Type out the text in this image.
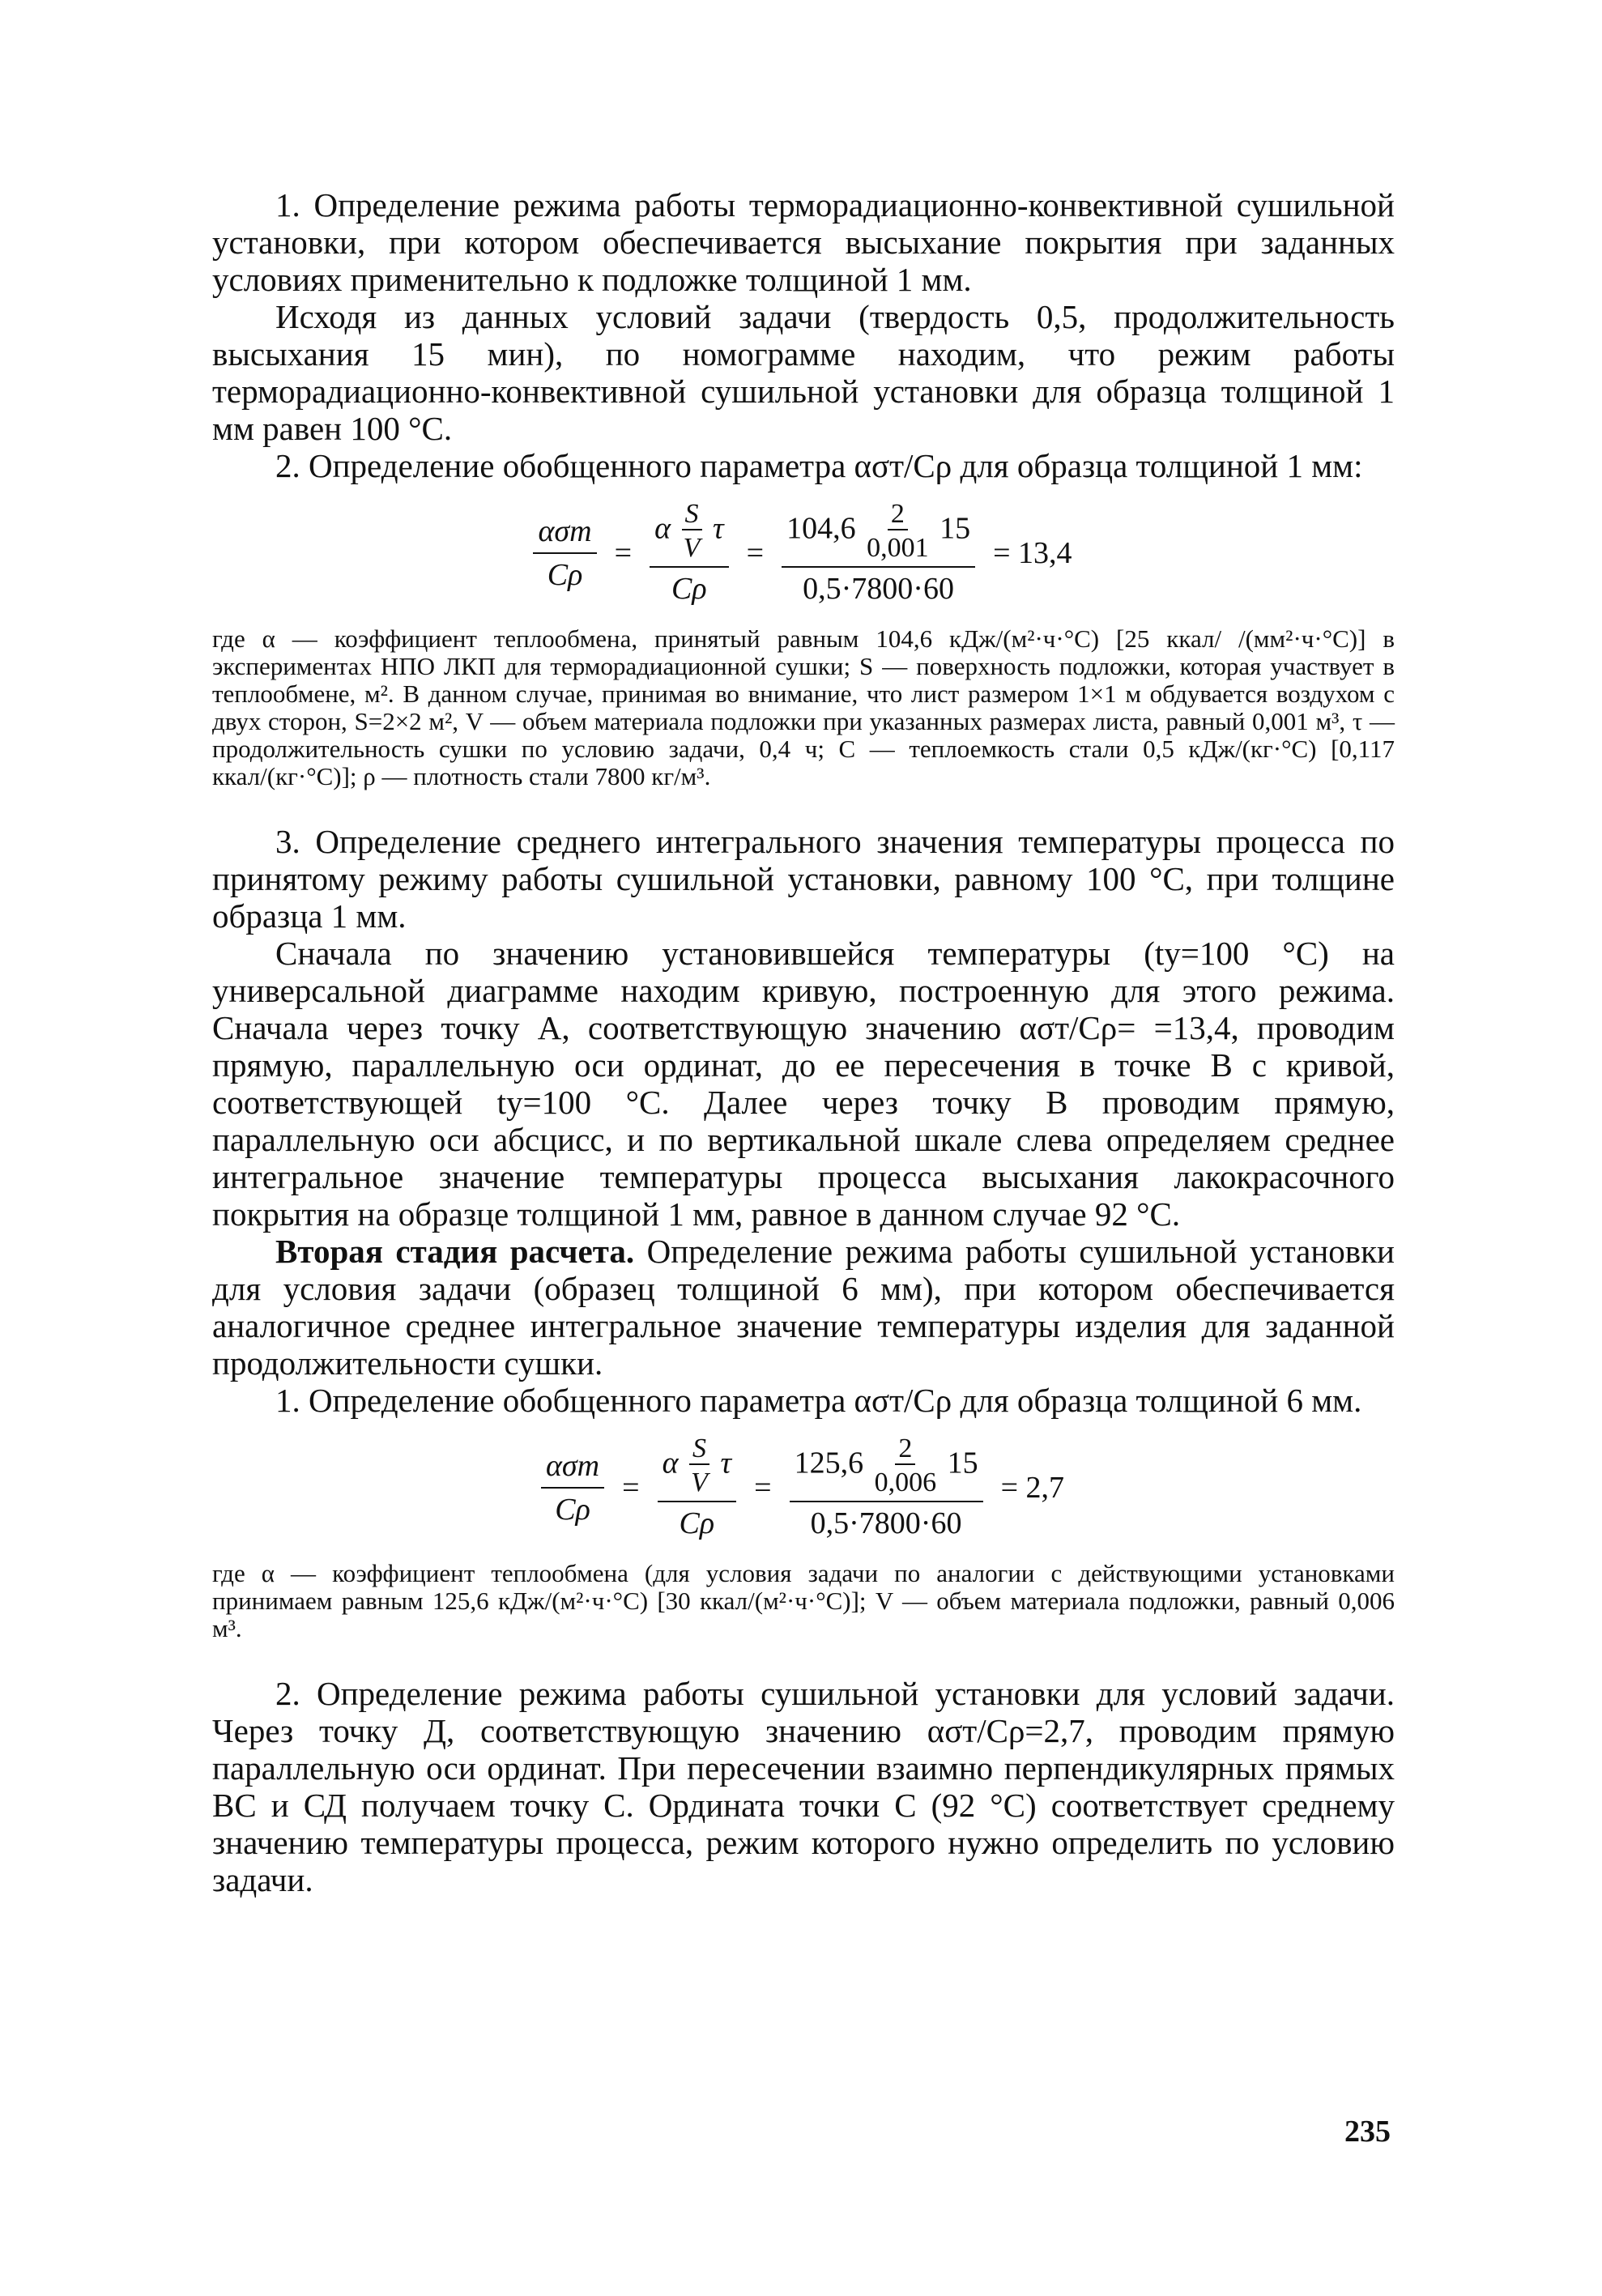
1. Определение режима работы терморадиационно-конвективной сушильной установки, при котором обеспечивается высыхание покрытия при заданных условиях применительно к подложке толщиной 1 мм.

Исходя из данных условий задачи (твердость 0,5, продолжительность высыхания 15 мин), по номограмме находим, что режим работы терморадиационно-конвективной сушильной установки для образца толщиной 1 мм равен 100 °С.

2. Определение обобщенного параметра ασт/Cρ для образца толщиной 1 мм:

$\frac{\text{ασт}}{C\rho} = \frac{\alpha \frac{S}{V} \tau}{C\rho} = \frac{104,6 \frac{2}{0,001} 15}{0,5\cdot 7800\cdot 60} = 13,4$

где α — коэффициент теплообмена, принятый равным 104,6 кДж/(м²·ч·°С) [25 ккал/ /(мм²·ч·°С)] в экспериментах НПО ЛКП для терморадиационной сушки; S — поверхность подложки, которая участвует в теплообмене, м². В данном случае, принимая во внимание, что лист размером 1×1 м обдувается воздухом с двух сторон, S=2×2 м², V — объем материала подложки при указанных размерах листа, равный 0,001 м³, τ — продолжительность сушки по условию задачи, 0,4 ч; C — теплоемкость стали 0,5 кДж/(кг·°С) [0,117 ккал/(кг·°С)]; ρ — плотность стали 7800 кг/м³.

3. Определение среднего интегрального значения температуры процесса по принятому режиму работы сушильной установки, равному 100 °С, при толщине образца 1 мм.

Сначала по значению установившейся температуры (tу=100 °С) на универсальной диаграмме находим кривую, построенную для этого режима. Сначала через точку А, соответствующую значению ασт/Cρ= =13,4, проводим прямую, параллельную оси ординат, до ее пересечения в точке В с кривой, соответствующей tу=100 °С. Далее через точку В проводим прямую, параллельную оси абсцисс, и по вертикальной шкале слева определяем среднее интегральное значение температуры процесса высыхания лакокрасочного покрытия на образце толщиной 1 мм, равное в данном случае 92 °С.

Вторая стадия расчета. Определение режима работы сушильной установки для условия задачи (образец толщиной 6 мм), при котором обеспечивается аналогичное среднее интегральное значение температуры изделия для заданной продолжительности сушки.

1. Определение обобщенного параметра ασт/Cρ для образца толщиной 6 мм.

$\frac{\text{ασт}}{C\rho} = \frac{\alpha \frac{S}{V} \tau}{C\rho} = \frac{125,6 \frac{2}{0,006} 15}{0,5\cdot 7800\cdot 60} = 2,7$

где α — коэффициент теплообмена (для условия задачи по аналогии с действующими установками принимаем равным 125,6 кДж/(м²·ч·°С) [30 ккал/(м²·ч·°С)]; V — объем материала подложки, равный 0,006 м³.

2. Определение режима работы сушильной установки для условий задачи. Через точку Д, соответствующую значению ασт/Cρ=2,7, проводим прямую параллельную оси ординат. При пересечении взаимно перпендикулярных прямых ВС и СД получаем точку С. Ордината точки С (92 °С) соответствует среднему значению температуры процесса, режим которого нужно определить по условию задачи.

235
